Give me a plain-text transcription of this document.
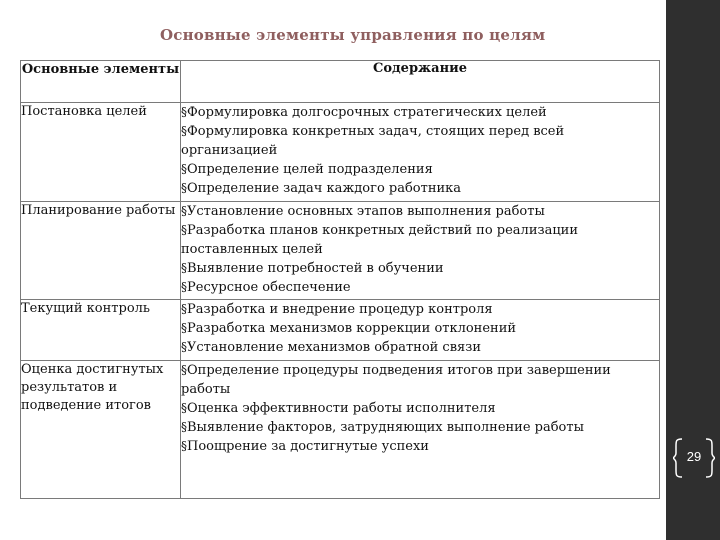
Основные элементы управления по целям
Основные элементы	Содержание
Постановка целей	§ Формулировка долгосрочных стратегических целей
§ Формулировка конкретных задач, стоящих перед всей организацией
§ Определение целей подразделения
§ Определение задач каждого работника

Планирование работы	§ Установление основных этапов выполнения работы
§ Разработка планов конкретных действий по реализации поставленных целей
§ Выявление потребностей в обучении
§ Ресурсное обеспечение

Текущий контроль	§ Разработка и внедрение процедур контроля
§ Разработка механизмов коррекции отклонений
§ Установление механизмов обратной связи

Оценка достигнутых результатов и подведение итогов	§ Определение процедуры подведения итогов при завершении работы
§ Оценка эффективности работы исполнителя
§ Выявление факторов, затрудняющих выполнение работы
§ Поощрение за достигнутые успехи
29
